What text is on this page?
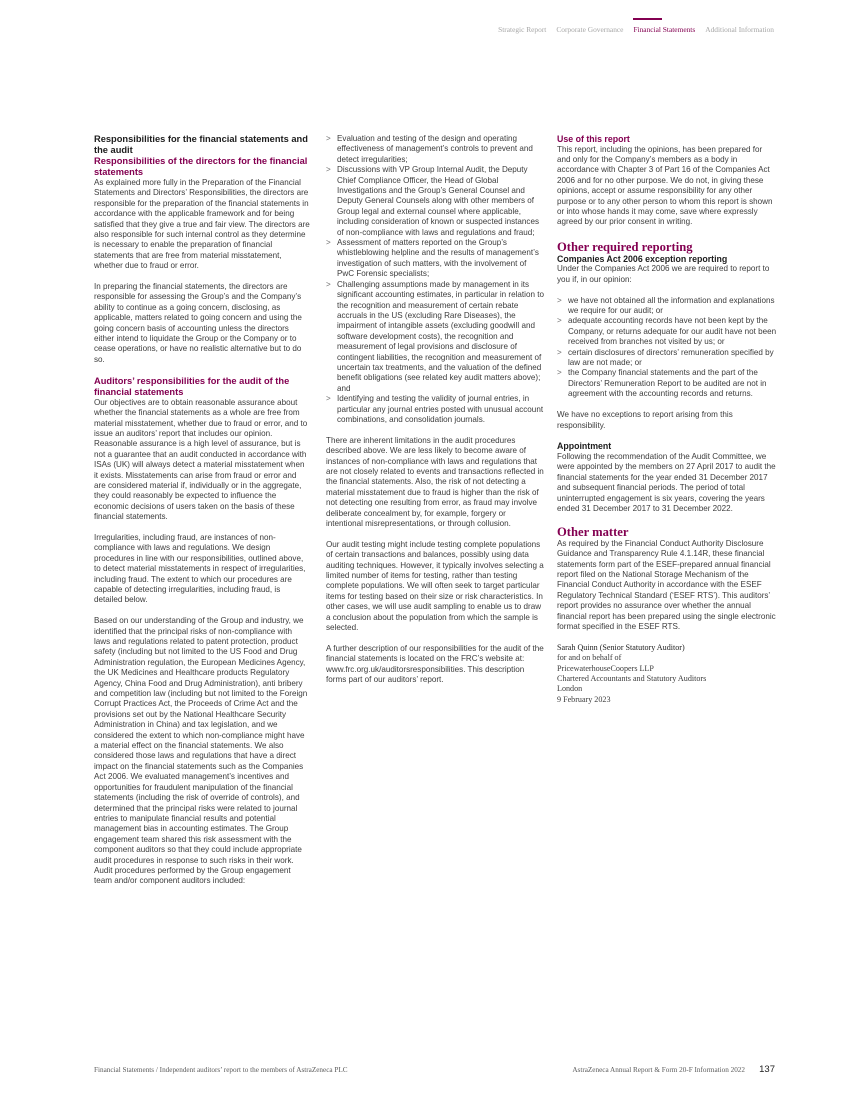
Strategic Report Corporate Governance Financial Statements Additional Information
Responsibilities for the financial statements and the audit
Responsibilities of the directors for the financial statements

As explained more fully in the Preparation of the Financial Statements and Directors’ Responsibilities, the directors are responsible for the preparation of the financial statements in accordance with the applicable framework and for being satisfied that they give a true and fair view. The directors are also responsible for such internal control as they determine is necessary to enable the preparation of financial statements that are free from material misstatement, whether due to fraud or error.

In preparing the financial statements, the directors are responsible for assessing the Group’s and the Company’s ability to continue as a going concern, disclosing, as applicable, matters related to going concern and using the going concern basis of accounting unless the directors either intend to liquidate the Group or the Company or to cease operations, or have no realistic alternative but to do so.

Auditors’ responsibilities for the audit of the financial statements

Our objectives are to obtain reasonable assurance about whether the financial statements as a whole are free from material misstatement, whether due to fraud or error, and to issue an auditors’ report that includes our opinion. Reasonable assurance is a high level of assurance, but is not a guarantee that an audit conducted in accordance with ISAs (UK) will always detect a material misstatement when it exists. Misstatements can arise from fraud or error and are considered material if, individually or in the aggregate, they could reasonably be expected to influence the economic decisions of users taken on the basis of these financial statements.

Irregularities, including fraud, are instances of non-compliance with laws and regulations. We design procedures in line with our responsibilities, outlined above, to detect material misstatements in respect of irregularities, including fraud. The extent to which our procedures are capable of detecting irregularities, including fraud, is detailed below.

Based on our understanding of the Group and industry, we identified that the principal risks of non-compliance with laws and regulations related to patent protection, product safety (including but not limited to the US Food and Drug Administration regulation, the European Medicines Agency, the UK Medicines and Healthcare products Regulatory Agency, China Food and Drug Administration), anti bribery and competition law (including but not limited to the Foreign Corrupt Practices Act, the Proceeds of Crime Act and the provisions set out by the National Healthcare Security Administration in China) and tax legislation, and we considered the extent to which non-compliance might have a material effect on the financial statements. We also considered those laws and regulations that have a direct impact on the financial statements such as the Companies Act 2006. We evaluated management’s incentives and opportunities for fraudulent manipulation of the financial statements (including the risk of override of controls), and determined that the principal risks were related to journal entries to manipulate financial results and potential management bias in accounting estimates. The Group engagement team shared this risk assessment with the component auditors so that they could include appropriate audit procedures in response to such risks in their work. Audit procedures performed by the Group engagement team and/or component auditors included:

> Evaluation and testing of the design and operating effectiveness of management’s controls to prevent and detect irregularities;
> Discussions with VP Group Internal Audit, the Deputy Chief Compliance Officer, the Head of Global Investigations and the Group’s General Counsel and Deputy General Counsels along with other members of Group legal and external counsel where applicable, including consideration of known or suspected instances of non-compliance with laws and regulations and fraud;
> Assessment of matters reported on the Group’s whistleblowing helpline and the results of management’s investigation of such matters, with the involvement of PwC Forensic specialists;
> Challenging assumptions made by management in its significant accounting estimates, in particular in relation to the recognition and measurement of certain rebate accruals in the US (excluding Rare Diseases), the impairment of intangible assets (excluding goodwill and software development costs), the recognition and measurement of legal provisions and disclosure of contingent liabilities, the recognition and measurement of uncertain tax treatments, and the valuation of the defined benefit obligations (see related key audit matters above); and
> Identifying and testing the validity of journal entries, in particular any journal entries posted with unusual account combinations, and consolidation journals.

There are inherent limitations in the audit procedures described above. We are less likely to become aware of instances of non-compliance with laws and regulations that are not closely related to events and transactions reflected in the financial statements. Also, the risk of not detecting a material misstatement due to fraud is higher than the risk of not detecting one resulting from error, as fraud may involve deliberate concealment by, for example, forgery or intentional misrepresentations, or through collusion.

Our audit testing might include testing complete populations of certain transactions and balances, possibly using data auditing techniques. However, it typically involves selecting a limited number of items for testing, rather than testing complete populations. We will often seek to target particular items for testing based on their size or risk characteristics. In other cases, we will use audit sampling to enable us to draw a conclusion about the population from which the sample is selected.

A further description of our responsibilities for the audit of the financial statements is located on the FRC’s website at: www.frc.org.uk/auditorsresponsibilities. This description forms part of our auditors’ report.

Use of this report

This report, including the opinions, has been prepared for and only for the Company’s members as a body in accordance with Chapter 3 of Part 16 of the Companies Act 2006 and for no other purpose. We do not, in giving these opinions, accept or assume responsibility for any other purpose or to any other person to whom this report is shown or into whose hands it may come, save where expressly agreed by our prior consent in writing.

Other required reporting
Companies Act 2006 exception reporting

Under the Companies Act 2006 we are required to report to you if, in our opinion:

> we have not obtained all the information and explanations we require for our audit; or
> adequate accounting records have not been kept by the Company, or returns adequate for our audit have not been received from branches not visited by us; or
> certain disclosures of directors’ remuneration specified by law are not made; or
> the Company financial statements and the part of the Directors’ Remuneration Report to be audited are not in agreement with the accounting records and returns.

We have no exceptions to report arising from this responsibility.

Appointment

Following the recommendation of the Audit Committee, we were appointed by the members on 27 April 2017 to audit the financial statements for the year ended 31 December 2017 and subsequent financial periods. The period of total uninterrupted engagement is six years, covering the years ended 31 December 2017 to 31 December 2022.

Other matter

As required by the Financial Conduct Authority Disclosure Guidance and Transparency Rule 4.1.14R, these financial statements form part of the ESEF-prepared annual financial report filed on the National Storage Mechanism of the Financial Conduct Authority in accordance with the ESEF Regulatory Technical Standard (‘ESEF RTS’). This auditors’ report provides no assurance over whether the annual financial report has been prepared using the single electronic format specified in the ESEF RTS.

Sarah Quinn (Senior Statutory Auditor)
for and on behalf of
PricewaterhouseCoopers LLP
Chartered Accountants and Statutory Auditors
London
9 February 2023
Financial Statements / Independent auditors’ report to the members of AstraZeneca PLC	AstraZeneca Annual Report & Form 20-F Information 2022 137
